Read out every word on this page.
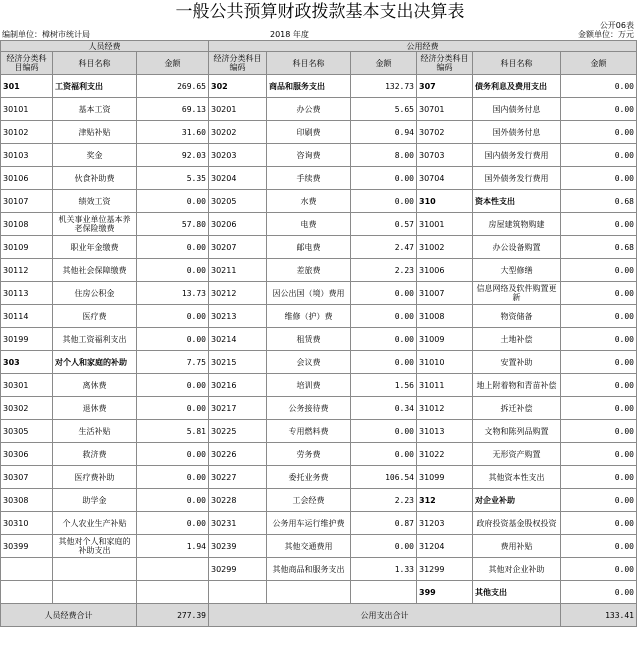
一般公共预算财政拨款基本支出决算表
公开06表
编制单位：樟树市统计局	2018 年度	金额单位：万元
人员经费			公用经费					
经济分类科目编码	科目名称	金额	经济分类科目编码	科目名称	金额	经济分类科目编码	科目名称	金额
301	工资福利支出	269.65	302	商品和服务支出	132.73	307	债务利息及费用支出	0.00
30101	基本工资	69.13	30201	办公费	5.65	30701	国内债务付息	0.00
30102	津贴补贴	31.60	30202	印刷费	0.94	30702	国外债务付息	0.00
30103	奖金	92.03	30203	咨询费	8.00	30703	国内债务发行费用	0.00
30106	伙食补助费	5.35	30204	手续费	0.00	30704	国外债务发行费用	0.00
30107	绩效工资	0.00	30205	水费	0.00	310	资本性支出	0.68
30108	机关事业单位基本养老保险缴费	57.80	30206	电费	0.57	31001	房屋建筑物购建	0.00
30109	职业年金缴费	0.00	30207	邮电费	2.47	31002	办公设备购置	0.68
30112	其他社会保障缴费	0.00	30211	差旅费	2.23	31006	大型修缮	0.00
30113	住房公积金	13.73	30212	因公出国（境）费用	0.00	31007	信息网络及软件购置更新	0.00
30114	医疗费	0.00	30213	维修（护）费	0.00	31008	物资储备	0.00
30199	其他工资福利支出	0.00	30214	租赁费	0.00	31009	土地补偿	0.00
303	对个人和家庭的补助	7.75	30215	会议费	0.00	31010	安置补助	0.00
30301	离休费	0.00	30216	培训费	1.56	31011	地上附着物和青苗补偿	0.00
30302	退休费	0.00	30217	公务接待费	0.34	31012	拆迁补偿	0.00
30305	生活补贴	5.81	30225	专用燃料费	0.00	31013	文物和陈列品购置	0.00
30306	救济费	0.00	30226	劳务费	0.00	31022	无形资产购置	0.00
30307	医疗费补助	0.00	30227	委托业务费	106.54	31099	其他资本性支出	0.00
30308	助学金	0.00	30228	工会经费	2.23	312	对企业补助	0.00
30310	个人农业生产补贴	0.00	30231	公务用车运行维护费	0.87	31203	政府投资基金股权投资	0.00
30399	其他对个人和家庭的补助支出	1.94	30239	其他交通费用	0.00	31204	费用补贴	0.00
			30299	其他商品和服务支出	1.33	31299	其他对企业补助	0.00
						399	其他支出	0.00
人员经费合计		277.39	公用支出合计					133.41
